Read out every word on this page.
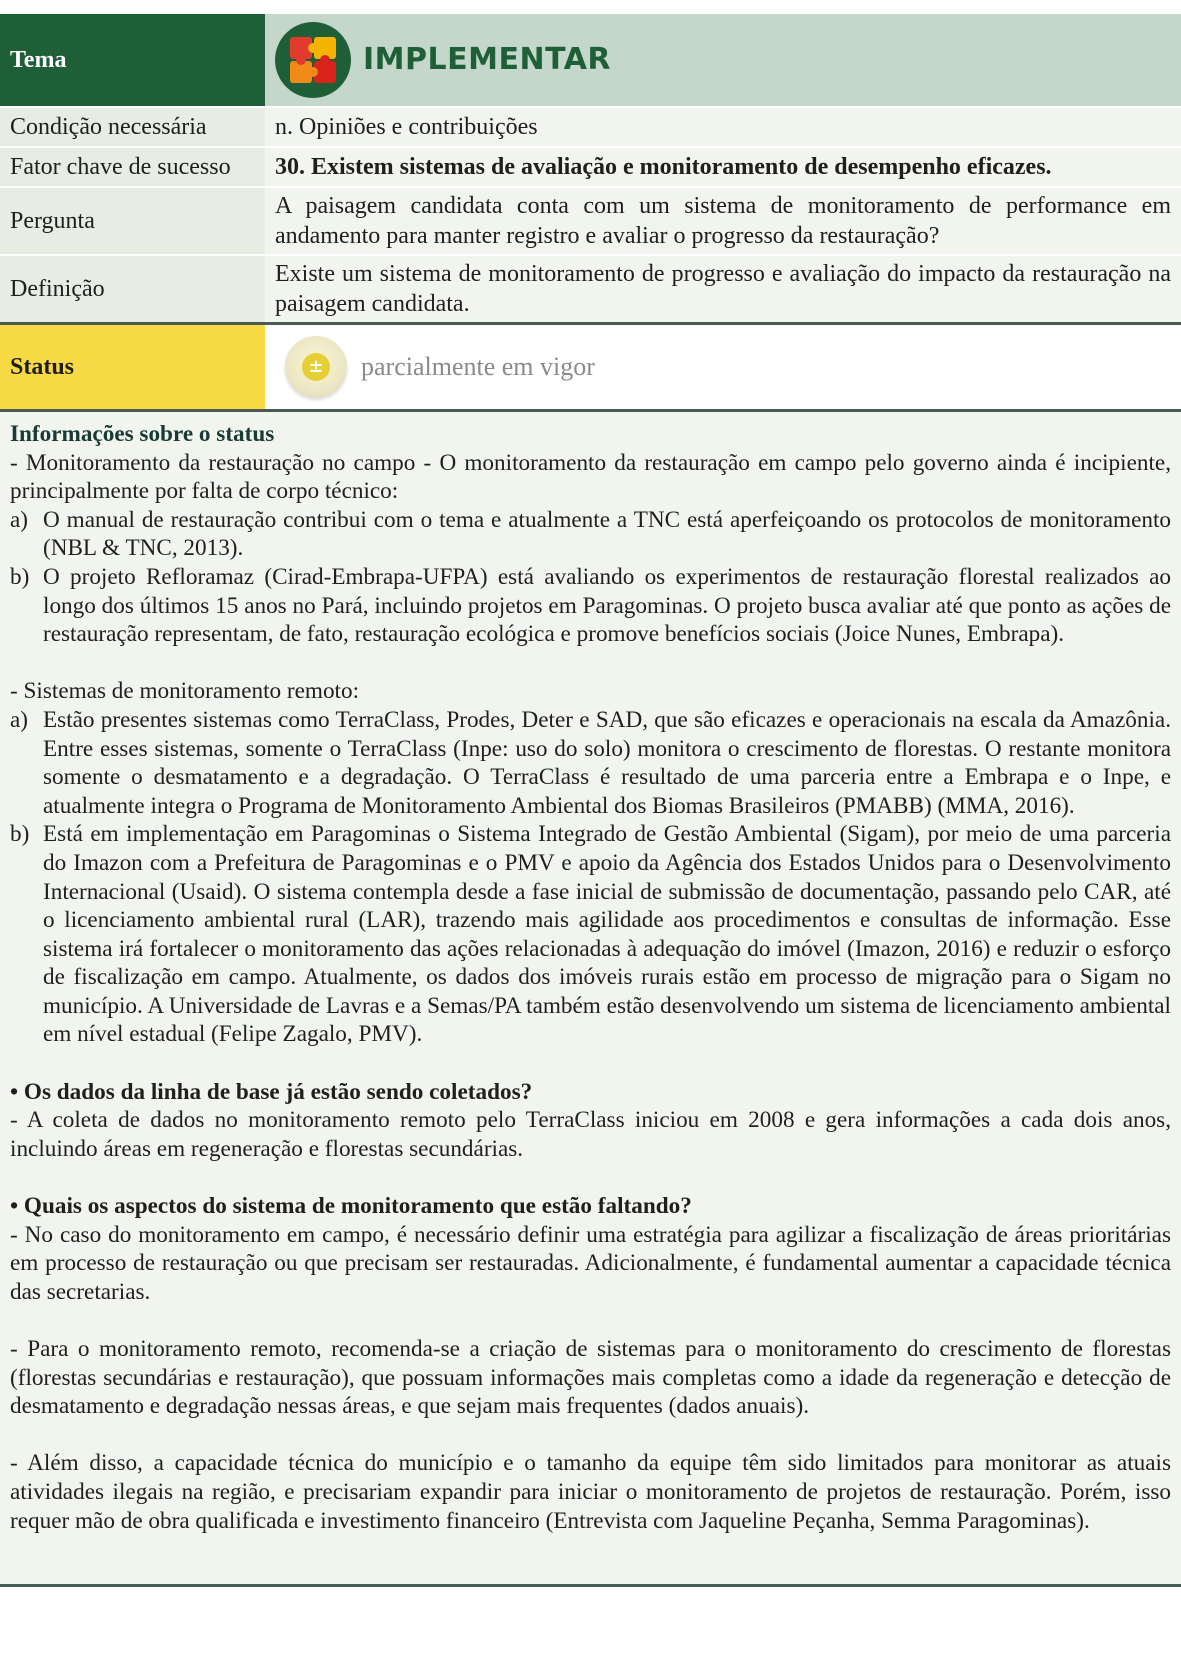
Tema	IMPLEMENTAR

Condição necessária	n. Opiniões e contribuições
Fator chave de sucesso	30. Existem sistemas de avaliação e monitoramento de desempenho eficazes.
Pergunta	A paisagem candidata conta com um sistema de monitoramento de performance em andamento para manter registro e avaliar o progresso da restauração?
Definição	Existe um sistema de monitoramento de progresso e avaliação do impacto da restauração na paisagem candidata.
Status	± parcialmente em vigor

Informações sobre o status

- Monitoramento da restauração no campo - O monitoramento da restauração em campo pelo governo ainda é incipiente, principalmente por falta de corpo técnico:

a) O manual de restauração contribui com o tema e atualmente a TNC está aperfeiçoando os protocolos de monitoramento (NBL & TNC, 2013).
b) O projeto Refloramaz (Cirad-Embrapa-UFPA) está avaliando os experimentos de restauração florestal realizados ao longo dos últimos 15 anos no Pará, incluindo projetos em Paragominas. O projeto busca avaliar até que ponto as ações de restauração representam, de fato, restauração ecológica e promove benefícios sociais (Joice Nunes, Embrapa).

- Sistemas de monitoramento remoto:

a) Estão presentes sistemas como TerraClass, Prodes, Deter e SAD, que são eficazes e operacionais na escala da Amazônia. Entre esses sistemas, somente o TerraClass (Inpe: uso do solo) monitora o crescimento de florestas. O restante monitora somente o desmatamento e a degradação. O TerraClass é resultado de uma parceria entre a Embrapa e o Inpe, e atualmente integra o Programa de Monitoramento Ambiental dos Biomas Brasileiros (PMABB) (MMA, 2016).
b) Está em implementação em Paragominas o Sistema Integrado de Gestão Ambiental (Sigam), por meio de uma parceria do Imazon com a Prefeitura de Paragominas e o PMV e apoio da Agência dos Estados Unidos para o Desenvolvimento Internacional (Usaid). O sistema contempla desde a fase inicial de submissão de documentação, passando pelo CAR, até o licenciamento ambiental rural (LAR), trazendo mais agilidade aos procedimentos e consultas de informação. Esse sistema irá fortalecer o monitoramento das ações relacionadas à adequação do imóvel (Imazon, 2016) e reduzir o esforço de fiscalização em campo. Atualmente, os dados dos imóveis rurais estão em processo de migração para o Sigam no município. A Universidade de Lavras e a Semas/PA também estão desenvolvendo um sistema de licenciamento ambiental em nível estadual (Felipe Zagalo, PMV).

• Os dados da linha de base já estão sendo coletados?

- A coleta de dados no monitoramento remoto pelo TerraClass iniciou em 2008 e gera informações a cada dois anos, incluindo áreas em regeneração e florestas secundárias.

• Quais os aspectos do sistema de monitoramento que estão faltando?

- No caso do monitoramento em campo, é necessário definir uma estratégia para agilizar a fiscalização de áreas prioritárias em processo de restauração ou que precisam ser restauradas. Adicionalmente, é fundamental aumentar a capacidade técnica das secretarias.

- Para o monitoramento remoto, recomenda-se a criação de sistemas para o monitoramento do crescimento de florestas (florestas secundárias e restauração), que possuam informações mais completas como a idade da regeneração e detecção de desmatamento e degradação nessas áreas, e que sejam mais frequentes (dados anuais).

- Além disso, a capacidade técnica do município e o tamanho da equipe têm sido limitados para monitorar as atuais atividades ilegais na região, e precisariam expandir para iniciar o monitoramento de projetos de restauração. Porém, isso requer mão de obra qualificada e investimento financeiro (Entrevista com Jaqueline Peçanha, Semma Paragominas).
